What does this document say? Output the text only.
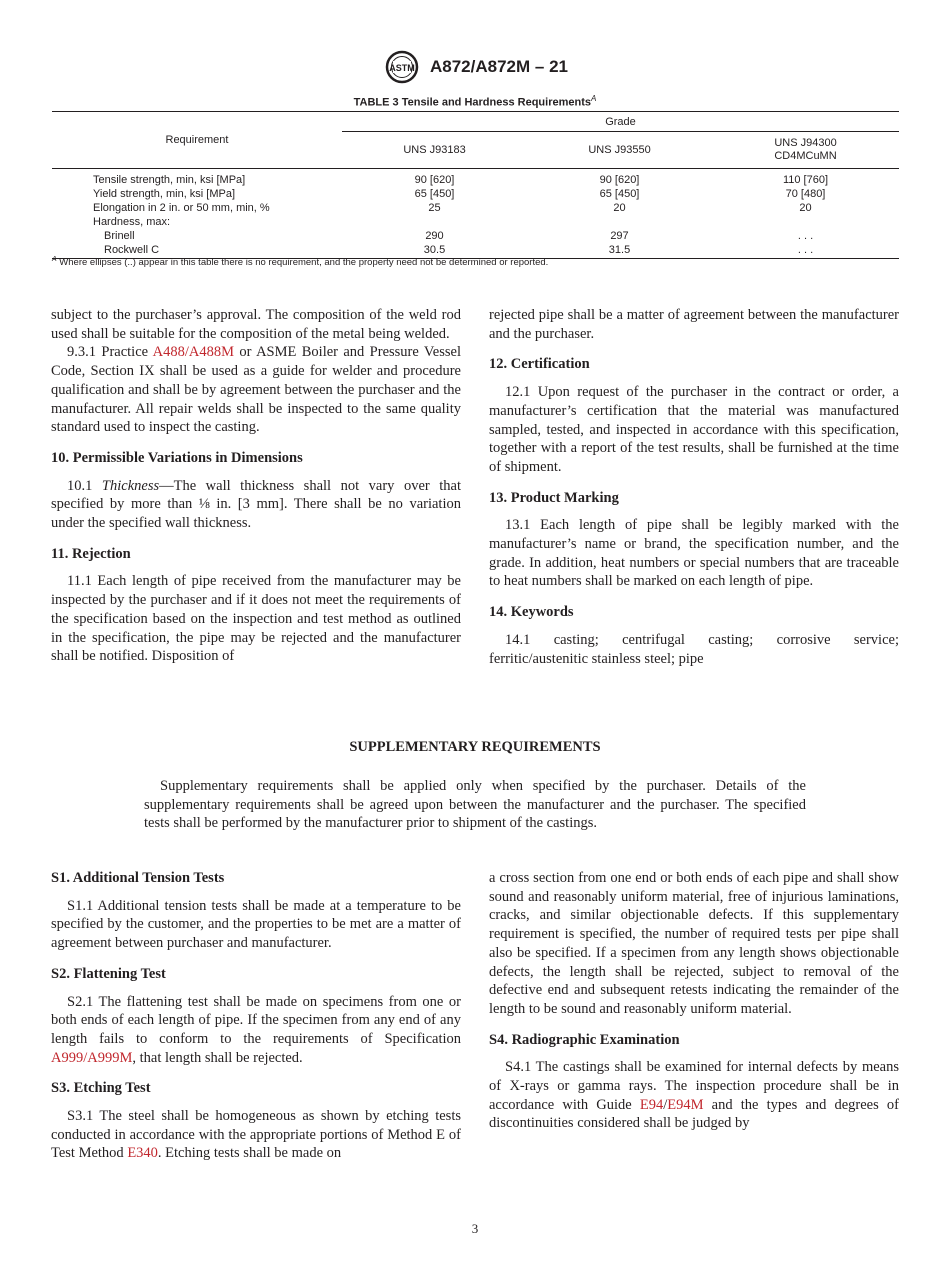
ASTM A872/A872M – 21
TABLE 3 Tensile and Hardness Requirements$^A$
Requirement	Grade		
	UNS J93183	UNS J93550	UNS J94300
CD4MCuMN
Tensile strength, min, ksi [MPa]	90 [620]	90 [620]	110 [760]
Yield strength, min, ksi [MPa]	65 [450]	65 [450]	70 [480]
Elongation in 2 in. or 50 mm, min, %	25	20	20
Hardness, max:			
Brinell	290	297	. . .
Rockwell C	30.5	31.5	. . .
$^A$ Where ellipses (..) appear in this table there is no requirement, and the property need not be determined or reported.

subject to the purchaser’s approval. The composition of the weld rod used shall be suitable for the composition of the metal being welded.

9.3.1 Practice A488/A488M or ASME Boiler and Pressure Vessel Code, Section IX shall be used as a guide for welder and procedure qualification and shall be by agreement between the purchaser and the manufacturer. All repair welds shall be inspected to the same quality standard used to inspect the casting.

10. Permissible Variations in Dimensions

10.1 Thickness—The wall thickness shall not vary over that specified by more than ⅛ in. [3 mm]. There shall be no variation under the specified wall thickness.

11. Rejection

11.1 Each length of pipe received from the manufacturer may be inspected by the purchaser and if it does not meet the requirements of the specification based on the inspection and test method as outlined in the specification, the pipe may be rejected and the manufacturer shall be notified. Disposition of

rejected pipe shall be a matter of agreement between the manufacturer and the purchaser.

12. Certification

12.1 Upon request of the purchaser in the contract or order, a manufacturer’s certification that the material was manufactured sampled, tested, and inspected in accordance with this specification, together with a report of the test results, shall be furnished at the time of shipment.

13. Product Marking

13.1 Each length of pipe shall be legibly marked with the manufacturer’s name or brand, the specification number, and the grade. In addition, heat numbers or special numbers that are traceable to heat numbers shall be marked on each length of pipe.

14. Keywords

14.1 casting; centrifugal casting; corrosive service; ferritic/austenitic stainless steel; pipe

SUPPLEMENTARY REQUIREMENTS

Supplementary requirements shall be applied only when specified by the purchaser. Details of the supplementary requirements shall be agreed upon between the manufacturer and the purchaser. The specified tests shall be performed by the manufacturer prior to shipment of the castings.

S1. Additional Tension Tests

S1.1 Additional tension tests shall be made at a temperature to be specified by the customer, and the properties to be met are a matter of agreement between purchaser and manufacturer.

S2. Flattening Test

S2.1 The flattening test shall be made on specimens from one or both ends of each length of pipe. If the specimen from any end of any length fails to conform to the requirements of Specification A999/A999M, that length shall be rejected.

S3. Etching Test

S3.1 The steel shall be homogeneous as shown by etching tests conducted in accordance with the appropriate portions of Method E of Test Method E340. Etching tests shall be made on

a cross section from one end or both ends of each pipe and shall show sound and reasonably uniform material, free of injurious laminations, cracks, and similar objectionable defects. If this supplementary requirement is specified, the number of required tests per pipe shall also be specified. If a specimen from any length shows objectionable defects, the length shall be rejected, subject to removal of the defective end and subsequent retests indicating the remainder of the length to be sound and reasonably uniform material.

S4. Radiographic Examination

S4.1 The castings shall be examined for internal defects by means of X-rays or gamma rays. The inspection procedure shall be in accordance with Guide E94/E94M and the types and degrees of discontinuities considered shall be judged by

3
